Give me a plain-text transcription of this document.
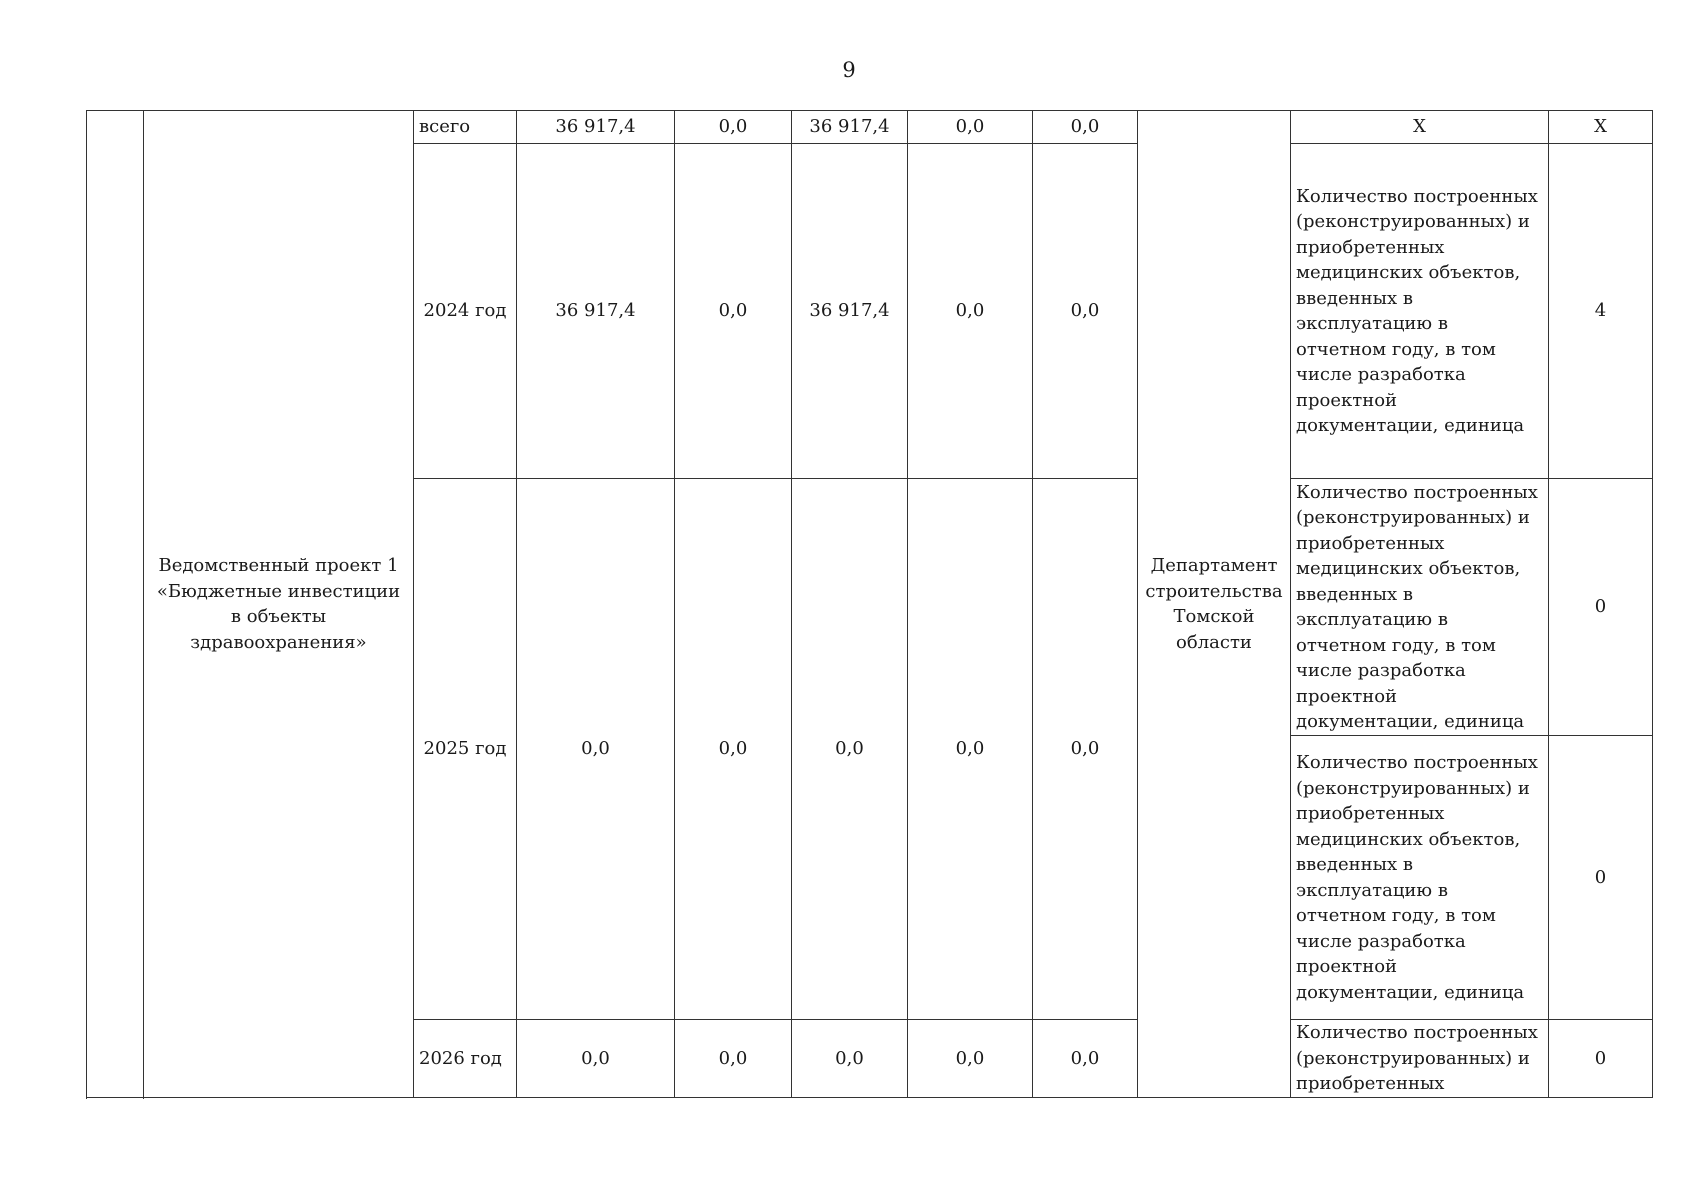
9
	Ведомственный проект 1 «Бюджетные инвестиции в объекты здравоохранения»	всего	36 917,4	0,0	36 917,4	0,0	0,0	Департамент строительства Томской области	X	X
		2024 год	36 917,4	0,0	36 917,4	0,0	0,0		Количество построенных (реконструированных) и приобретенных медицинских объектов, введенных в эксплуатацию в отчетном году, в том числе разработка проектной документации, единица	4
		2025 год	0,0	0,0	0,0	0,0	0,0		Количество построенных (реконструированных) и приобретенных медицинских объектов, введенных в эксплуатацию в отчетном году, в том числе разработка проектной документации, единица	0
									Количество построенных (реконструированных) и приобретенных медицинских объектов, введенных в эксплуатацию в отчетном году, в том числе разработка проектной документации, единица	0
		2026 год	0,0	0,0	0,0	0,0	0,0		Количество построенных (реконструированных) и приобретенных	0
